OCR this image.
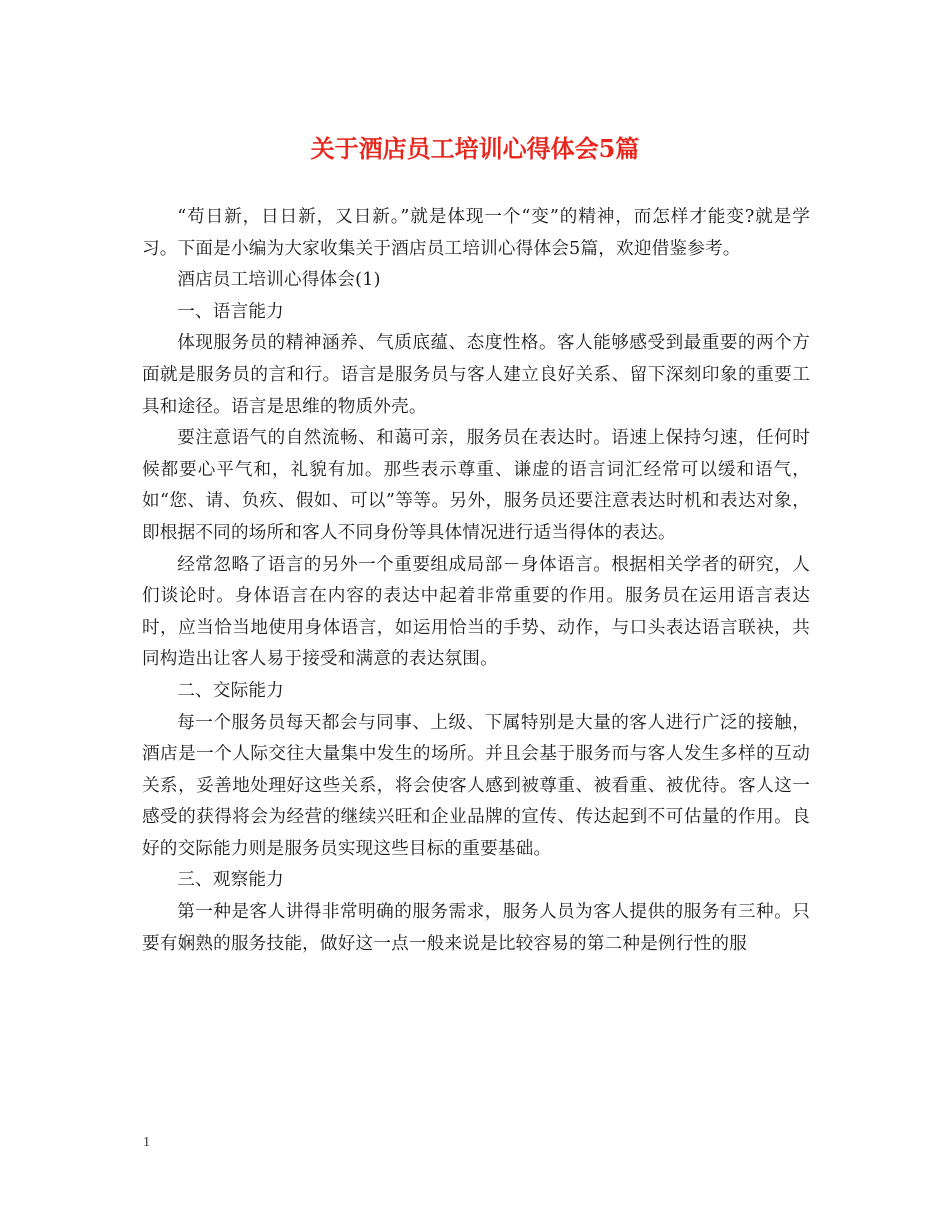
关于酒店员工培训心得体会5篇

“苟日新，日日新，又日新。”就是体现一个“变”的精神，而怎样才能变?就是学习。下面是小编为大家收集关于酒店员工培训心得体会5篇，欢迎借鉴参考。

酒店员工培训心得体会(1)

一、语言能力

体现服务员的精神涵养、气质底蕴、态度性格。客人能够感受到最重要的两个方面就是服务员的言和行。语言是服务员与客人建立良好关系、留下深刻印象的重要工具和途径。语言是思维的物质外壳。

要注意语气的自然流畅、和蔼可亲，服务员在表达时。语速上保持匀速，任何时候都要心平气和，礼貌有加。那些表示尊重、谦虚的语言词汇经常可以缓和语气，如“您、请、负疚、假如、可以”等等。另外，服务员还要注意表达时机和表达对象，即根据不同的场所和客人不同身份等具体情况进行适当得体的表达。

经常忽略了语言的另外一个重要组成局部－身体语言。根据相关学者的研究，人们谈论时。身体语言在内容的表达中起着非常重要的作用。服务员在运用语言表达时，应当恰当地使用身体语言，如运用恰当的手势、动作，与口头表达语言联袂，共同构造出让客人易于接受和满意的表达氛围。

二、交际能力

每一个服务员每天都会与同事、上级、下属特别是大量的客人进行广泛的接触，酒店是一个人际交往大量集中发生的场所。并且会基于服务而与客人发生多样的互动关系，妥善地处理好这些关系，将会使客人感到被尊重、被看重、被优待。客人这一感受的获得将会为经营的继续兴旺和企业品牌的宣传、传达起到不可估量的作用。良好的交际能力则是服务员实现这些目标的重要基础。

三、观察能力

第一种是客人讲得非常明确的服务需求，服务人员为客人提供的服务有三种。只要有娴熟的服务技能，做好这一点一般来说是比较容易的第二种是例行性的服

1
